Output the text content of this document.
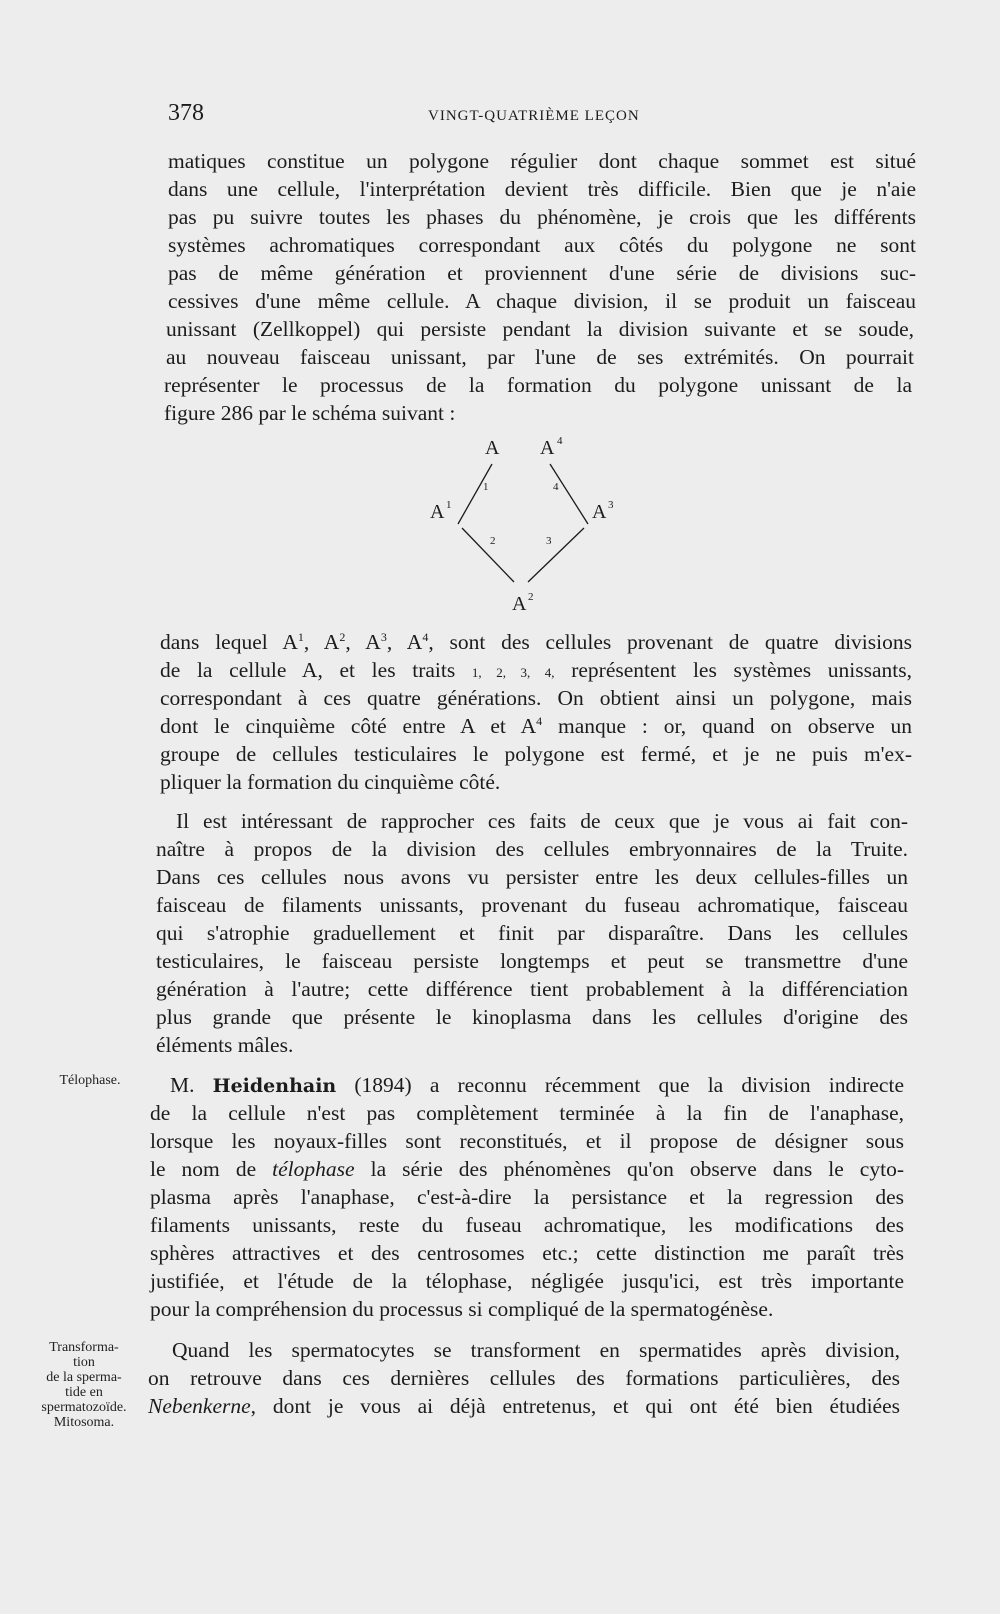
378	VINGT-QUATRIÈME LEÇON
matiques constitue un polygone régulier dont chaque sommet est situé
dans une cellule, l'interprétation devient très difficile. Bien que je n'aie
pas pu suivre toutes les phases du phénomène, je crois que les différents
systèmes achromatiques correspondant aux côtés du polygone ne sont
pas de même génération et proviennent d'une série de divisions suc-
cessives d'une même cellule. A chaque division, il se produit un faisceau
unissant (Zellkoppel) qui persiste pendant la division suivante et se soude,
au nouveau faisceau unissant, par l'une de ses extrémités. On pourrait
représenter le processus de la formation du polygone unissant de la
figure 286 par le schéma suivant :
A A 4
A 1	A 3
A 2
1
2	3
4
dans lequel $A^1$, $A^2$, $A^3$, $A^4$, sont des cellules provenant de quatre divisions
de la cellule A, et les traits 1, 2, 3, 4, représentent les systèmes unissants,
correspondant à ces quatre générations. On obtient ainsi un polygone, mais
dont le cinquième côté entre A et $A^4$ manque : or, quand on observe un
groupe de cellules testiculaires le polygone est fermé, et je ne puis m'ex-
pliquer la formation du cinquième côté.
Il est intéressant de rapprocher ces faits de ceux que je vous ai fait con-
naître à propos de la division des cellules embryonnaires de la Truite.
Dans ces cellules nous avons vu persister entre les deux cellules-filles un
faisceau de filaments unissants, provenant du fuseau achromatique, faisceau
qui s'atrophie graduellement et finit par disparaître. Dans les cellules
testiculaires, le faisceau persiste longtemps et peut se transmettre d'une
génération à l'autre; cette différence tient probablement à la différenciation
plus grande que présente le kinoplasma dans les cellules d'origine des
éléments mâles.
Télophase.	M. Heidenhain (1894) a reconnu récemment que la division indirecte
de la cellule n'est pas complètement terminée à la fin de l'anaphase,
lorsque les noyaux-filles sont reconstitués, et il propose de désigner sous
le nom de télophase la série des phénomènes qu'on observe dans le cyto-
plasma après l'anaphase, c'est-à-dire la persistance et la regression des
filaments unissants, reste du fuseau achromatique, les modifications des
sphères attractives et des centrosomes etc.; cette distinction me paraît très
justifiée, et l'étude de la télophase, négligée jusqu'ici, est très importante
pour la compréhension du processus si compliqué de la spermatogénèse.
Transforma-
tion
de la sperma-
tide en
spermatozoïde.
Mitosoma.
Quand les spermatocytes se transforment en spermatides après division,
on retrouve dans ces dernières cellules des formations particulières, des
Nebenkerne, dont je vous ai déjà entretenus, et qui ont été bien étudiées
